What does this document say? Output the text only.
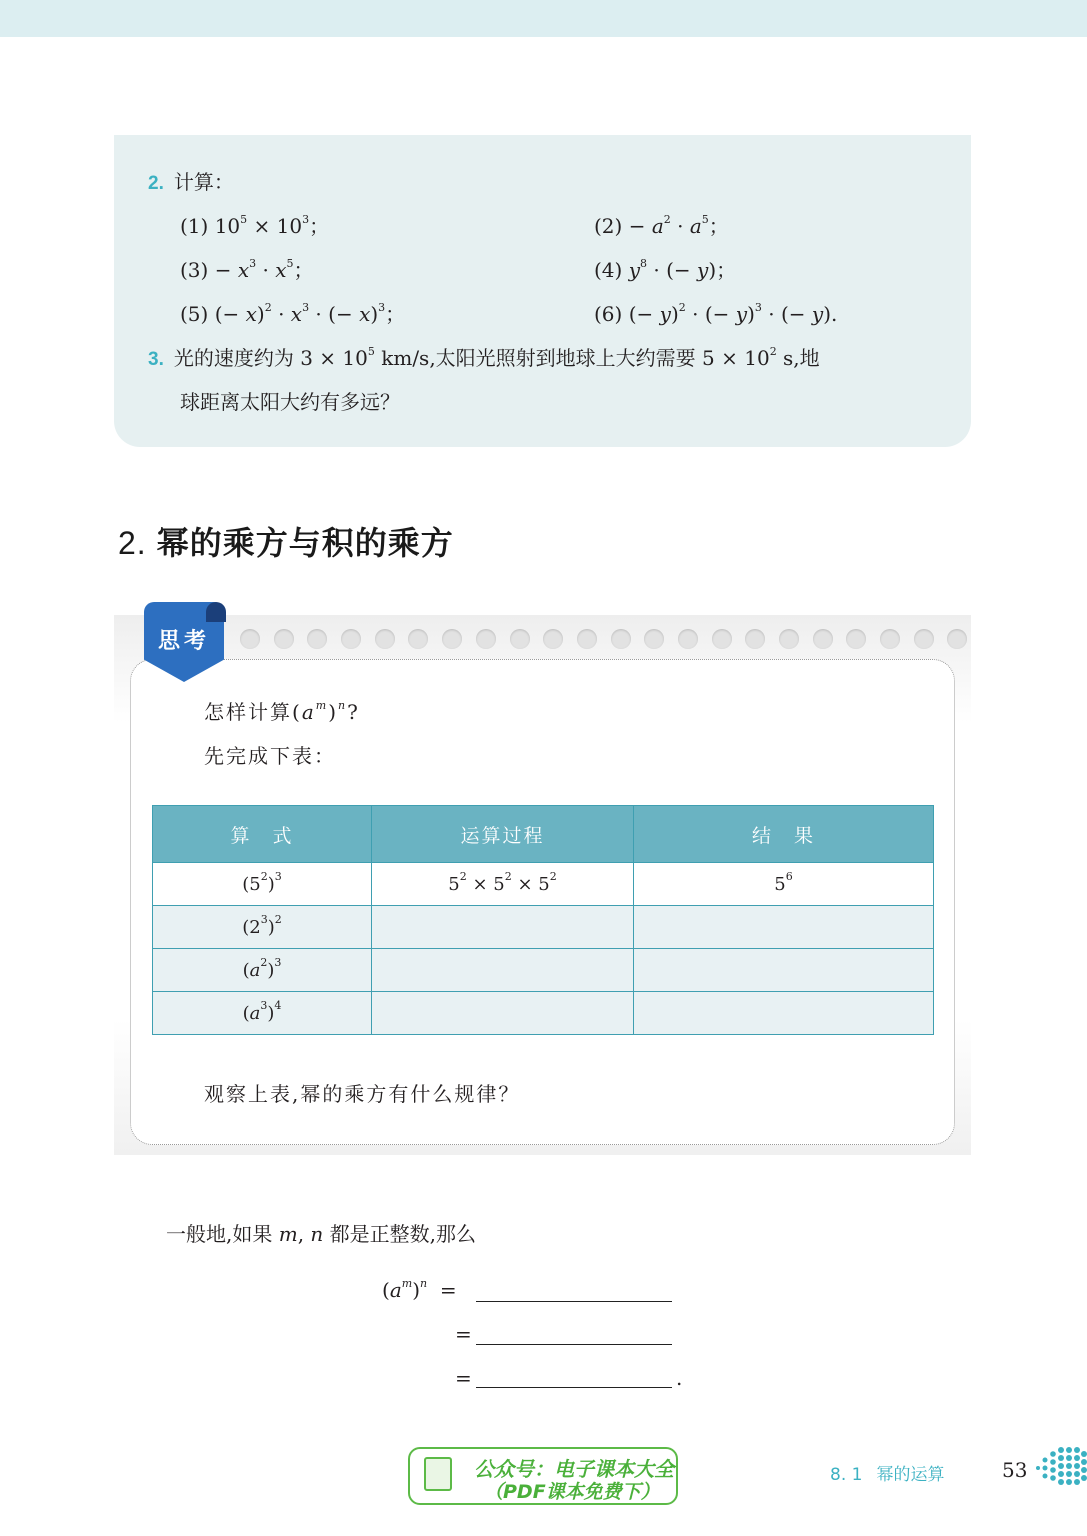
2. 计算：
(1) $10^5 \times 10^3$；	$(2) - a^2 \cdot a^5$；
$(3) - x^3 \cdot x^5$；	(4) $y^8$ · (− y)；
(5) (− $x)^2 \cdot x^3$ · (− x)$^3$；	(6) (− y)$^2$ · (− y)$^3$ · (− y).
3. 光的速度约为 $3 \times 10^5$ km/s,太阳光照射到地球上大约需要 $5 \times 10^2$ s,地
球距离太阳大约有多远？
2. 幂的乘方与积的乘方
思考
怎样计算$(a^m)^n$?
先完成下表：
算　式	运算过程	结　果
$(5^2)^3$	$5^2 \times 5^2 \times 5^2$	$5^6$
$(2^3)^2$		
$(a^2)^3$		
$(a^3)^4$		
观察上表,幂的乘方有什么规律？
一般地,如果 m, n 都是正整数,那么
$(a^m)^n$ =
=
=	.
公众号：电子课本大全
（PDF课本免费下）
8. 1 幂的运算	53
